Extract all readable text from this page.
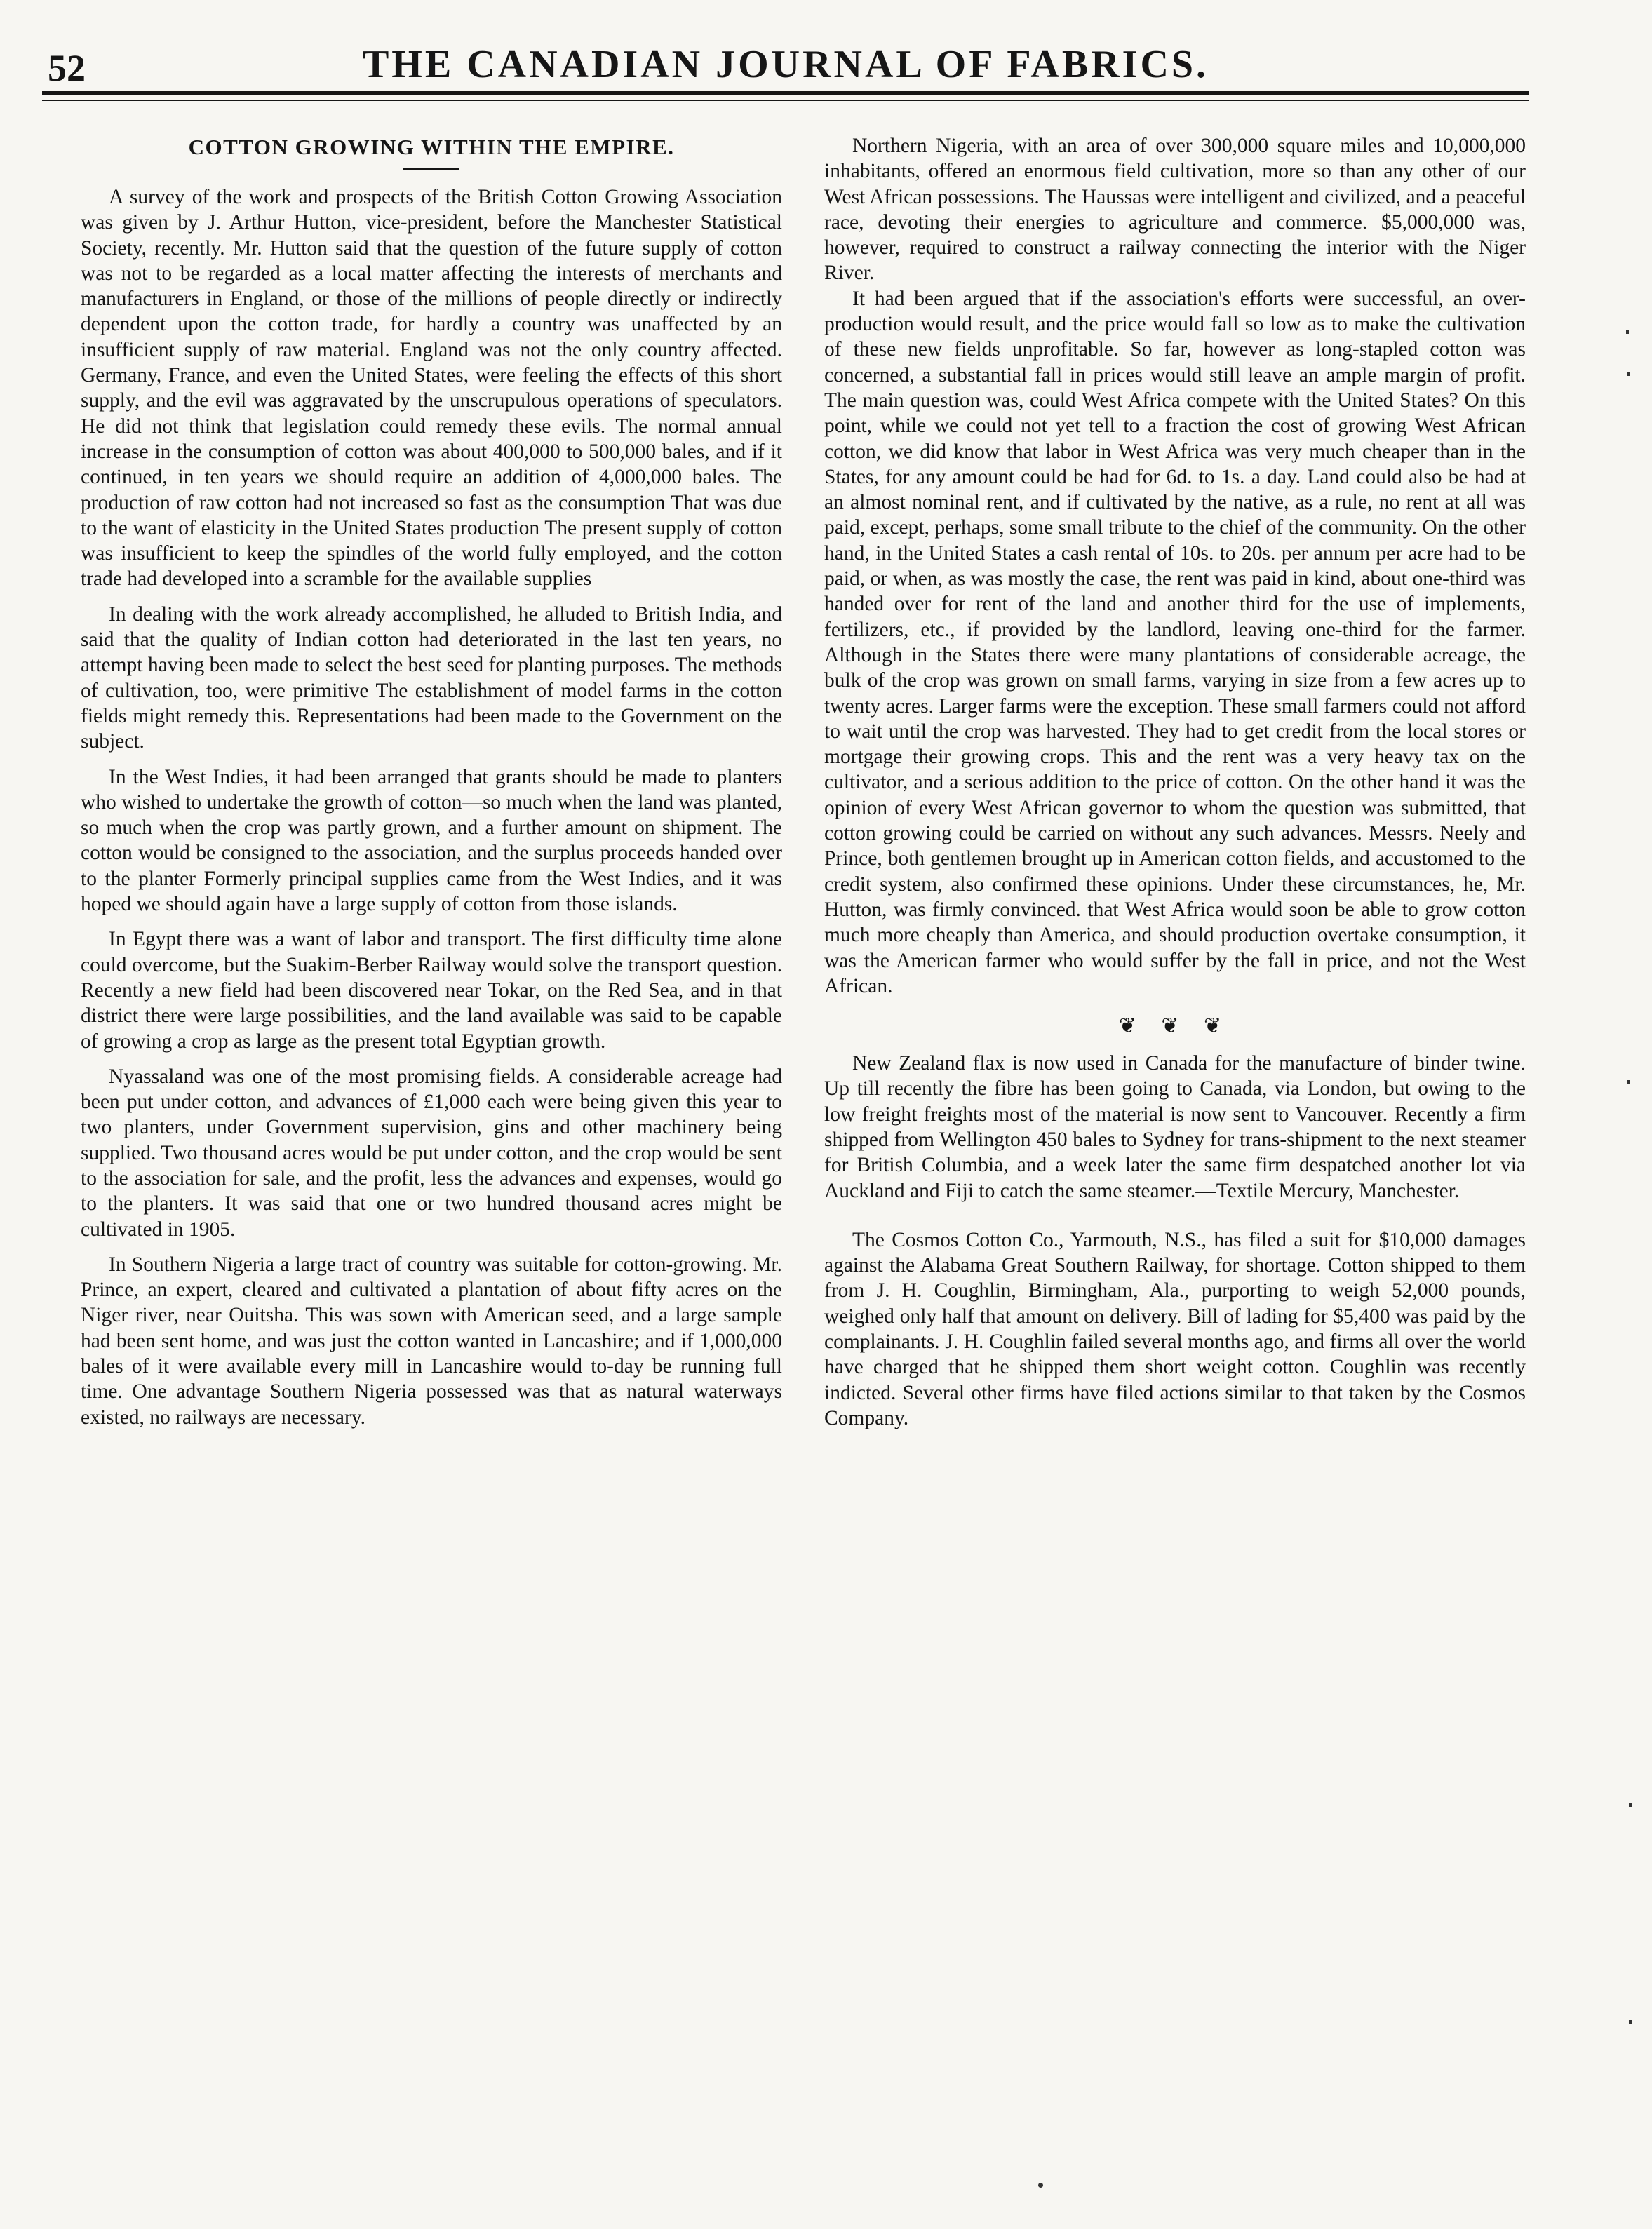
52	THE CANADIAN JOURNAL OF FABRICS.
COTTON GROWING WITHIN THE EMPIRE.

A survey of the work and prospects of the British Cotton Growing Association was given by J. Arthur Hutton, vice-president, before the Manchester Statistical Society, recently. Mr. Hutton said that the question of the future supply of cotton was not to be regarded as a local matter affecting the interests of merchants and manufacturers in England, or those of the millions of people directly or indirectly dependent upon the cotton trade, for hardly a country was unaffected by an insufficient supply of raw material. England was not the only country affected. Germany, France, and even the United States, were feeling the effects of this short supply, and the evil was aggravated by the unscrupulous operations of speculators. He did not think that legislation could remedy these evils. The normal annual increase in the consumption of cotton was about 400,000 to 500,000 bales, and if it continued, in ten years we should require an addition of 4,000,000 bales. The production of raw cotton had not increased so fast as the consumption That was due to the want of elasticity in the United States production The present supply of cotton was insufficient to keep the spindles of the world fully employed, and the cotton trade had developed into a scramble for the available supplies

In dealing with the work already accomplished, he alluded to British India, and said that the quality of Indian cotton had deteriorated in the last ten years, no attempt having been made to select the best seed for planting purposes. The methods of cultivation, too, were primitive The establishment of model farms in the cotton fields might remedy this. Representations had been made to the Government on the subject.

In the West Indies, it had been arranged that grants should be made to planters who wished to undertake the growth of cotton—so much when the land was planted, so much when the crop was partly grown, and a further amount on shipment. The cotton would be consigned to the association, and the surplus proceeds handed over to the planter Formerly principal supplies came from the West Indies, and it was hoped we should again have a large supply of cotton from those islands.

In Egypt there was a want of labor and transport. The first difficulty time alone could overcome, but the Suakim-Berber Railway would solve the transport question. Recently a new field had been discovered near Tokar, on the Red Sea, and in that district there were large possibilities, and the land available was said to be capable of growing a crop as large as the present total Egyptian growth.

Nyassaland was one of the most promising fields. A considerable acreage had been put under cotton, and advances of £1,000 each were being given this year to two planters, under Government supervision, gins and other machinery being supplied. Two thousand acres would be put under cotton, and the crop would be sent to the association for sale, and the profit, less the advances and expenses, would go to the planters. It was said that one or two hundred thousand acres might be cultivated in 1905.

In Southern Nigeria a large tract of country was suitable for cotton-growing. Mr. Prince, an expert, cleared and cultivated a plantation of about fifty acres on the Niger river, near Ouitsha. This was sown with American seed, and a large sample had been sent home, and was just the cotton wanted in Lancashire; and if 1,000,000 bales of it were available every mill in Lancashire would to-day be running full time. One advantage Southern Nigeria possessed was that as natural waterways existed, no railways are necessary.

Northern Nigeria, with an area of over 300,000 square miles and 10,000,000 inhabitants, offered an enormous field cultivation, more so than any other of our West African possessions. The Haussas were intelligent and civilized, and a peaceful race, devoting their energies to agriculture and commerce. $5,000,000 was, however, required to construct a railway connecting the interior with the Niger River.

It had been argued that if the association's efforts were successful, an over-production would result, and the price would fall so low as to make the cultivation of these new fields unprofitable. So far, however as long-stapled cotton was concerned, a substantial fall in prices would still leave an ample margin of profit. The main question was, could West Africa compete with the United States? On this point, while we could not yet tell to a fraction the cost of growing West African cotton, we did know that labor in West Africa was very much cheaper than in the States, for any amount could be had for 6d. to 1s. a day. Land could also be had at an almost nominal rent, and if cultivated by the native, as a rule, no rent at all was paid, except, perhaps, some small tribute to the chief of the community. On the other hand, in the United States a cash rental of 10s. to 20s. per annum per acre had to be paid, or when, as was mostly the case, the rent was paid in kind, about one-third was handed over for rent of the land and another third for the use of implements, fertilizers, etc., if provided by the landlord, leaving one-third for the farmer. Although in the States there were many plantations of considerable acreage, the bulk of the crop was grown on small farms, varying in size from a few acres up to twenty acres. Larger farms were the exception. These small farmers could not afford to wait until the crop was harvested. They had to get credit from the local stores or mortgage their growing crops. This and the rent was a very heavy tax on the cultivator, and a serious addition to the price of cotton. On the other hand it was the opinion of every West African governor to whom the question was submitted, that cotton growing could be carried on without any such advances. Messrs. Neely and Prince, both gentlemen brought up in American cotton fields, and accustomed to the credit system, also confirmed these opinions. Under these circumstances, he, Mr. Hutton, was firmly convinced. that West Africa would soon be able to grow cotton much more cheaply than America, and should production overtake consumption, it was the American farmer who would suffer by the fall in price, and not the West African.

❦ ❦ ❦

New Zealand flax is now used in Canada for the manufacture of binder twine. Up till recently the fibre has been going to Canada, via London, but owing to the low freight freights most of the material is now sent to Vancouver. Recently a firm shipped from Wellington 450 bales to Sydney for trans-shipment to the next steamer for British Columbia, and a week later the same firm despatched another lot via Auckland and Fiji to catch the same steamer.—Textile Mercury, Manchester.

The Cosmos Cotton Co., Yarmouth, N.S., has filed a suit for $10,000 damages against the Alabama Great Southern Railway, for shortage. Cotton shipped to them from J. H. Coughlin, Birmingham, Ala., purporting to weigh 52,000 pounds, weighed only half that amount on delivery. Bill of lading for $5,400 was paid by the complainants. J. H. Coughlin failed several months ago, and firms all over the world have charged that he shipped them short weight cotton. Coughlin was recently indicted. Several other firms have filed actions similar to that taken by the Cosmos Company.
